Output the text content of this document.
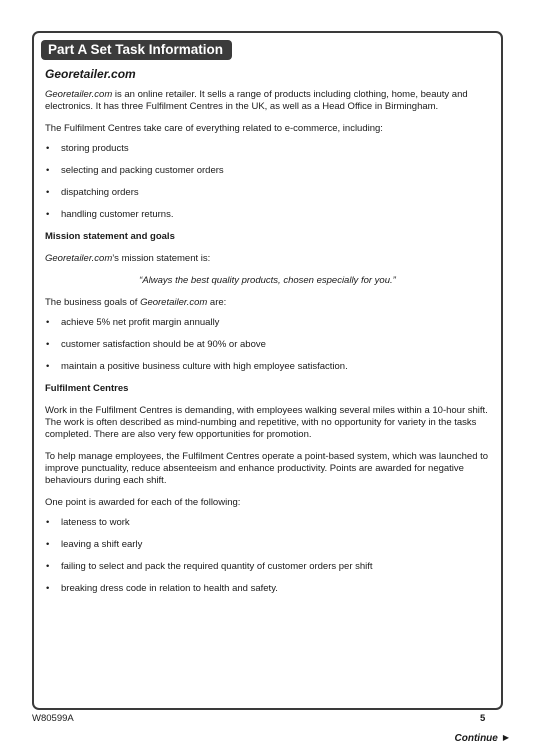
Part A Set Task Information
Georetailer.com

Georetailer.com is an online retailer. It sells a range of products including clothing, home, beauty and electronics. It has three Fulfilment Centres in the UK, as well as a Head Office in Birmingham.

The Fulfilment Centres take care of everything related to e-commerce, including:

• storing products
• selecting and packing customer orders
• dispatching orders
• handling customer returns.

Mission statement and goals

Georetailer.com’s mission statement is:

“Always the best quality products, chosen especially for you.”

The business goals of Georetailer.com are:

• achieve 5% net profit margin annually
• customer satisfaction should be at 90% or above
• maintain a positive business culture with high employee satisfaction.

Fulfilment Centres

Work in the Fulfilment Centres is demanding, with employees walking several miles within a 10-hour shift. The work is often described as mind-numbing and repetitive, with no opportunity for variety in the tasks completed. There are also very few opportunities for promotion.

To help manage employees, the Fulfilment Centres operate a point-based system, which was launched to improve punctuality, reduce absenteeism and enhance productivity. Points are awarded for negative behaviours during each shift.

One point is awarded for each of the following:

• lateness to work
• leaving a shift early
• failing to select and pack the required quantity of customer orders per shift
• breaking dress code in relation to health and safety.
W80599A	5
Continue ▶
